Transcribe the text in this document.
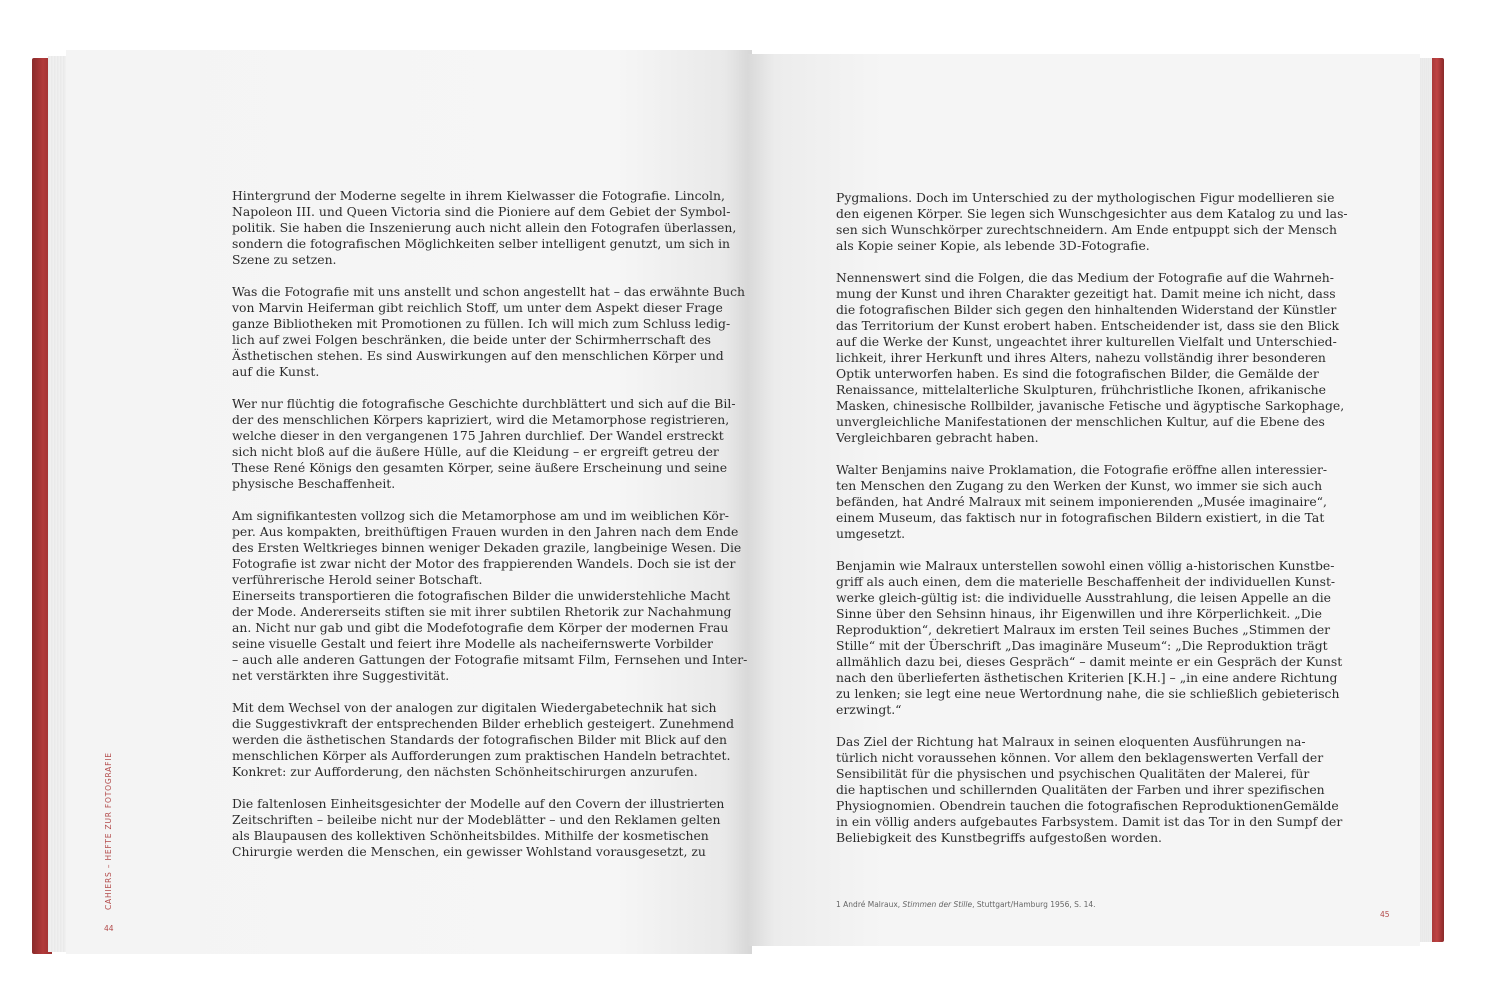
Hintergrund der Moderne segelte in ihrem Kielwasser die Fotografie. Lincoln,
Napoleon III. und Queen Victoria sind die Pioniere auf dem Gebiet der Symbol-
politik. Sie haben die Inszenierung auch nicht allein den Fotografen überlassen,
sondern die fotografischen Möglichkeiten selber intelligent genutzt, um sich in
Szene zu setzen.
Was die Fotografie mit uns anstellt und schon angestellt hat – das erwähnte Buch
von Marvin Heiferman gibt reichlich Stoff, um unter dem Aspekt dieser Frage
ganze Bibliotheken mit Promotionen zu füllen. Ich will mich zum Schluss ledig-
lich auf zwei Folgen beschränken, die beide unter der Schirmherrschaft des
Ästhetischen stehen. Es sind Auswirkungen auf den menschlichen Körper und
auf die Kunst.
Wer nur flüchtig die fotografische Geschichte durchblättert und sich auf die Bil-
der des menschlichen Körpers kapriziert, wird die Metamorphose registrieren,
welche dieser in den vergangenen 175 Jahren durchlief. Der Wandel erstreckt
sich nicht bloß auf die äußere Hülle, auf die Kleidung – er ergreift getreu der
These René Königs den gesamten Körper, seine äußere Erscheinung und seine
physische Beschaffenheit.
Am signifikantesten vollzog sich die Metamorphose am und im weiblichen Kör-
per. Aus kompakten, breithüftigen Frauen wurden in den Jahren nach dem Ende
des Ersten Weltkrieges binnen weniger Dekaden grazile, langbeinige Wesen. Die
Fotografie ist zwar nicht der Motor des frappierenden Wandels. Doch sie ist der
verführerische Herold seiner Botschaft.
Einerseits transportieren die fotografischen Bilder die unwiderstehliche Macht
der Mode. Andererseits stiften sie mit ihrer subtilen Rhetorik zur Nachahmung
an. Nicht nur gab und gibt die Modefotografie dem Körper der modernen Frau
seine visuelle Gestalt und feiert ihre Modelle als nacheifernswerte Vorbilder
– auch alle anderen Gattungen der Fotografie mitsamt Film, Fernsehen und Inter-
net verstärkten ihre Suggestivität.
Mit dem Wechsel von der analogen zur digitalen Wiedergabetechnik hat sich
die Suggestivkraft der entsprechenden Bilder erheblich gesteigert. Zunehmend
werden die ästhetischen Standards der fotografischen Bilder mit Blick auf den
menschlichen Körper als Aufforderungen zum praktischen Handeln betrachtet.
Konkret: zur Aufforderung, den nächsten Schönheitschirurgen anzurufen.
Die faltenlosen Einheitsgesichter der Modelle auf den Covern der illustrierten
Zeitschriften – beileibe nicht nur der Modeblätter – und den Reklamen gelten
als Blaupausen des kollektiven Schönheitsbildes. Mithilfe der kosmetischen
Chirurgie werden die Menschen, ein gewisser Wohlstand vorausgesetzt, zu
Pygmalions. Doch im Unterschied zu der mythologischen Figur modellieren sie
den eigenen Körper. Sie legen sich Wunschgesichter aus dem Katalog zu und las-
sen sich Wunschkörper zurechtschneidern. Am Ende entpuppt sich der Mensch
als Kopie seiner Kopie, als lebende 3D-Fotografie.
Nennenswert sind die Folgen, die das Medium der Fotografie auf die Wahrneh-
mung der Kunst und ihren Charakter gezeitigt hat. Damit meine ich nicht, dass
die fotografischen Bilder sich gegen den hinhaltenden Widerstand der Künstler
das Territorium der Kunst erobert haben. Entscheidender ist, dass sie den Blick
auf die Werke der Kunst, ungeachtet ihrer kulturellen Vielfalt und Unterschied-
lichkeit, ihrer Herkunft und ihres Alters, nahezu vollständig ihrer besonderen
Optik unterworfen haben. Es sind die fotografischen Bilder, die Gemälde der
Renaissance, mittelalterliche Skulpturen, frühchristliche Ikonen, afrikanische
Masken, chinesische Rollbilder, javanische Fetische und ägyptische Sarkophage,
unvergleichliche Manifestationen der menschlichen Kultur, auf die Ebene des
Vergleichbaren gebracht haben.
Walter Benjamins naive Proklamation, die Fotografie eröffne allen interessier-
ten Menschen den Zugang zu den Werken der Kunst, wo immer sie sich auch
befänden, hat André Malraux mit seinem imponierenden „Musée imaginaire“,
einem Museum, das faktisch nur in fotografischen Bildern existiert, in die Tat
umgesetzt.
Benjamin wie Malraux unterstellen sowohl einen völlig a-historischen Kunstbe-
griff als auch einen, dem die materielle Beschaffenheit der individuellen Kunst-
werke gleich-gültig ist: die individuelle Ausstrahlung, die leisen Appelle an die
Sinne über den Sehsinn hinaus, ihr Eigenwillen und ihre Körperlichkeit. „Die
Reproduktion“, dekretiert Malraux im ersten Teil seines Buches „Stimmen der
Stille“ mit der Überschrift „Das imaginäre Museum“: „Die Reproduktion trägt
allmählich dazu bei, dieses Gespräch“ – damit meinte er ein Gespräch der Kunst
nach den überlieferten ästhetischen Kriterien [K.H.] – „in eine andere Richtung
zu lenken; sie legt eine neue Wertordnung nahe, die sie schließlich gebieterisch
erzwingt.“
Das Ziel der Richtung hat Malraux in seinen eloquenten Ausführungen na-
türlich nicht voraussehen können. Vor allem den beklagenswerten Verfall der
Sensibilität für die physischen und psychischen Qualitäten der Malerei, für
die haptischen und schillernden Qualitäten der Farben und ihrer spezifischen
Physiognomien. Obendrein tauchen die fotografischen ReproduktionenGemälde
in ein völlig anders aufgebautes Farbsystem. Damit ist das Tor in den Sumpf der
Beliebigkeit des Kunstbegriffs aufgestoßen worden.
CAHIERS – HEFTE ZUR FOTOGRAFIE
44
45
1 André Malraux, Stimmen der Stille, Stuttgart/Hamburg 1956, S. 14.
